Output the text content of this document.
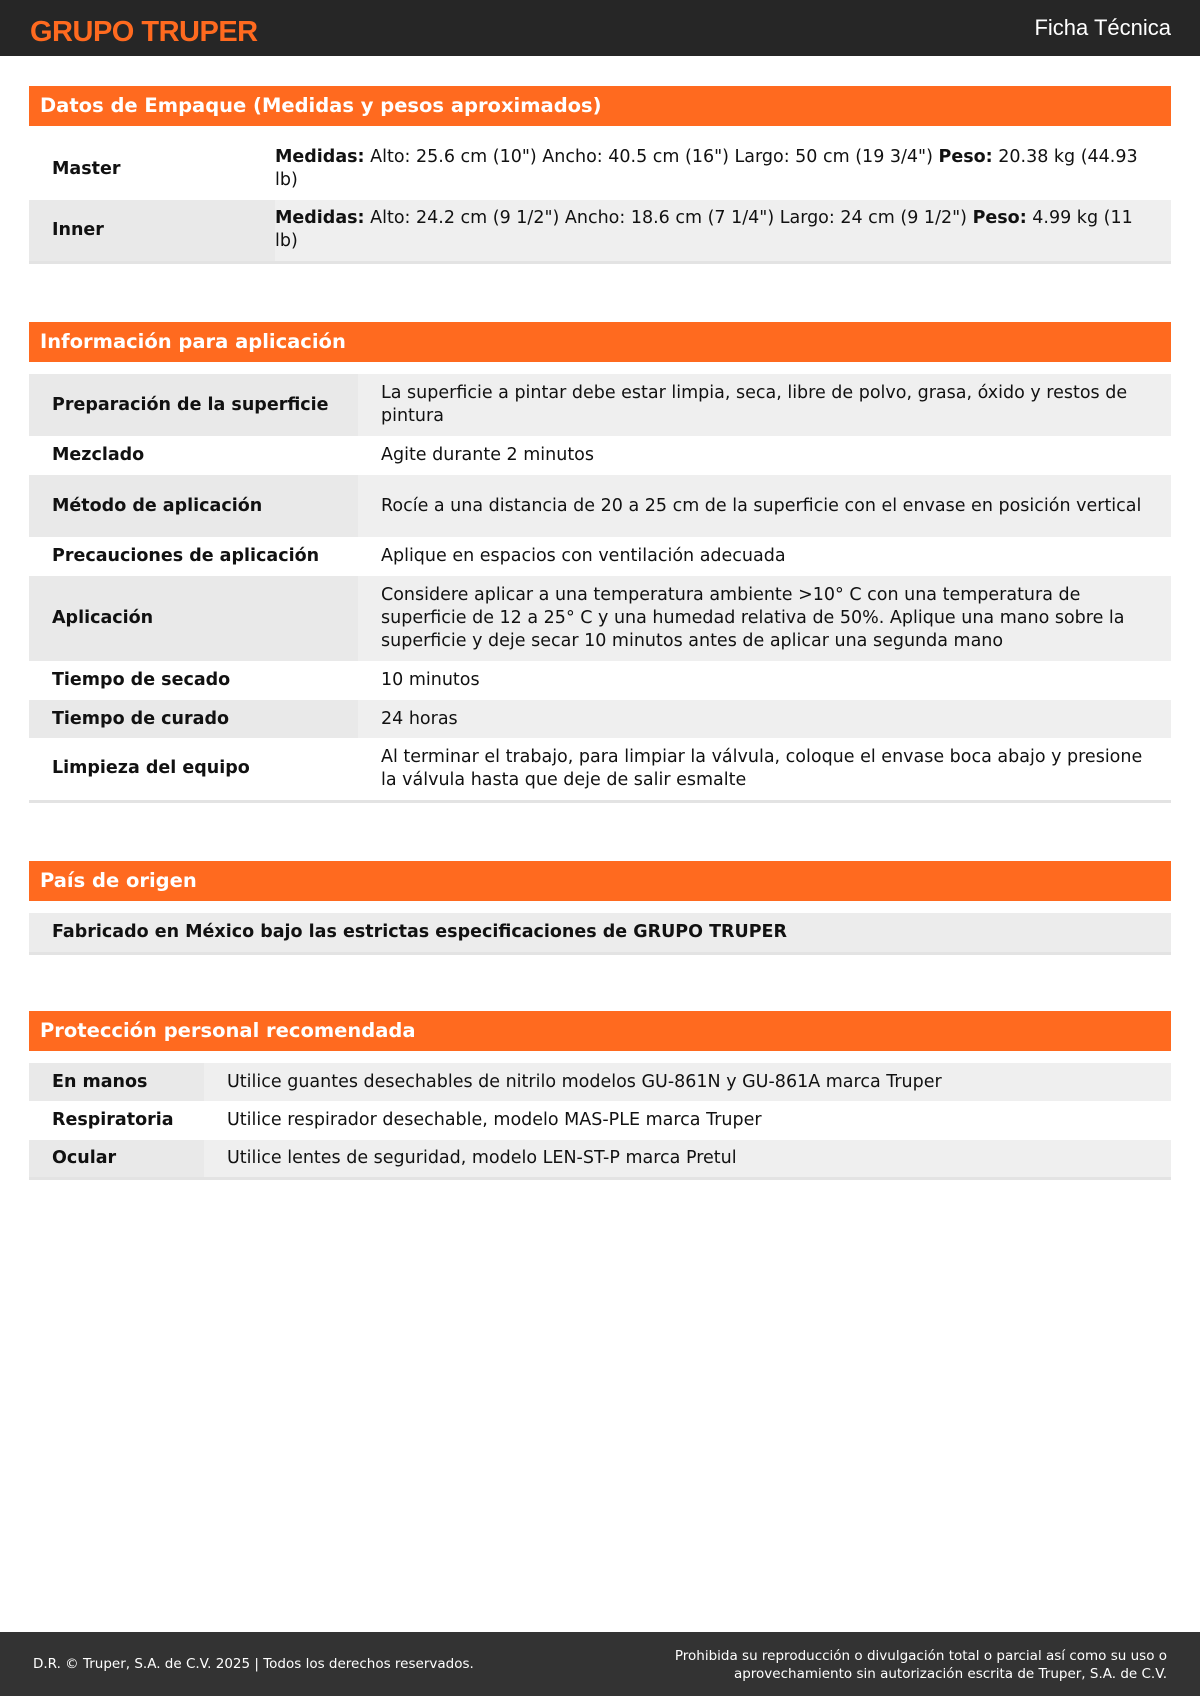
GRUPO TRUPER	Ficha Técnica
Datos de Empaque (Medidas y pesos aproximados)
Master	Medidas: Alto: 25.6 cm (10") Ancho: 40.5 cm (16") Largo: 50 cm (19 3/4") Peso: 20.38 kg (44.93 lb)
Inner	Medidas: Alto: 24.2 cm (9 1/2") Ancho: 18.6 cm (7 1/4") Largo: 24 cm (9 1/2") Peso: 4.99 kg (11 lb)
Información para aplicación
Preparación de la superficie	La superficie a pintar debe estar limpia, seca, libre de polvo, grasa, óxido y restos de pintura
Mezclado	Agite durante 2 minutos
Método de aplicación	Rocíe a una distancia de 20 a 25 cm de la superficie con el envase en posición vertical
Precauciones de aplicación	Aplique en espacios con ventilación adecuada
Aplicación	Considere aplicar a una temperatura ambiente >10° C con una temperatura de superficie de 12 a 25° C y una humedad relativa de 50%. Aplique una mano sobre la superficie y deje secar 10 minutos antes de aplicar una segunda mano
Tiempo de secado	10 minutos
Tiempo de curado	24 horas
Limpieza del equipo	Al terminar el trabajo, para limpiar la válvula, coloque el envase boca abajo y presione la válvula hasta que deje de salir esmalte
País de origen
Fabricado en México bajo las estrictas especificaciones de GRUPO TRUPER
Protección personal recomendada
En manos	Utilice guantes desechables de nitrilo modelos GU-861N y GU-861A marca Truper
Respiratoria	Utilice respirador desechable, modelo MAS-PLE marca Truper
Ocular	Utilice lentes de seguridad, modelo LEN-ST-P marca Pretul
D.R. © Truper, S.A. de C.V. 2025 | Todos los derechos reservados.	Prohibida su reproducción o divulgación total o parcial así como su uso o
aprovechamiento sin autorización escrita de Truper, S.A. de C.V.
